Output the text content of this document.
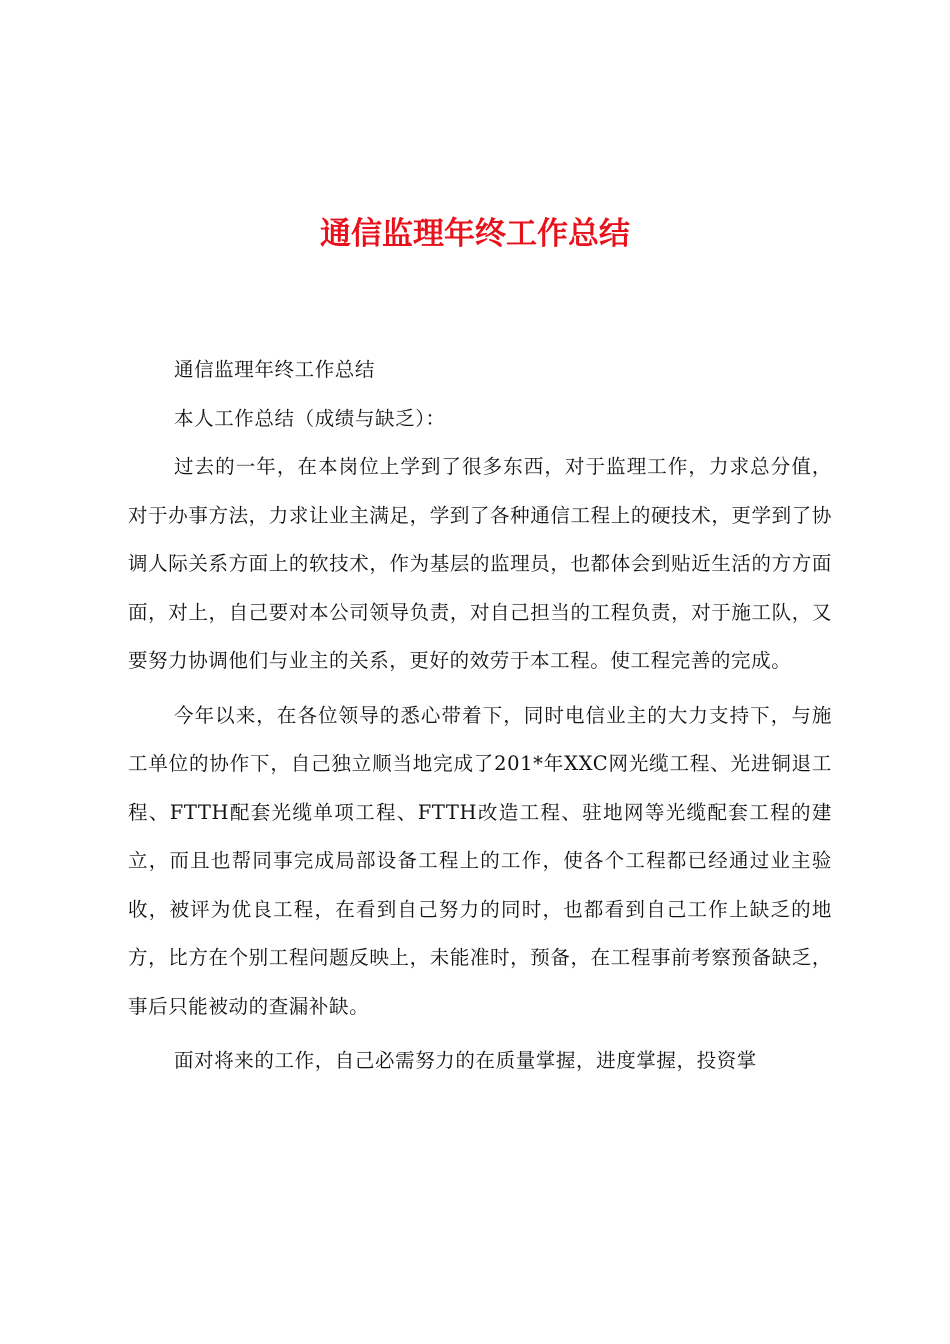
通信监理年终工作总结

通信监理年终工作总结

本人工作总结（成绩与缺乏）：

过去的一年，在本岗位上学到了很多东西，对于监理工作，力求总分值，对于办事方法，力求让业主满足，学到了各种通信工程上的硬技术，更学到了协调人际关系方面上的软技术，作为基层的监理员，也都体会到贴近生活的方方面面，对上，自己要对本公司领导负责，对自己担当的工程负责，对于施工队，又要努力协调他们与业主的关系，更好的效劳于本工程。使工程完善的完成。

今年以来，在各位领导的悉心带着下，同时电信业主的大力支持下，与施工单位的协作下，自己独立顺当地完成了201*年XXC网光缆工程、光进铜退工程、FTTH配套光缆单项工程、FTTH改造工程、驻地网等光缆配套工程的建立，而且也帮同事完成局部设备工程上的工作，使各个工程都已经通过业主验收，被评为优良工程，在看到自己努力的同时，也都看到自己工作上缺乏的地方，比方在个别工程问题反映上，未能准时，预备，在工程事前考察预备缺乏，事后只能被动的查漏补缺。

面对将来的工作，自己必需努力的在质量掌握，进度掌握，投资掌
